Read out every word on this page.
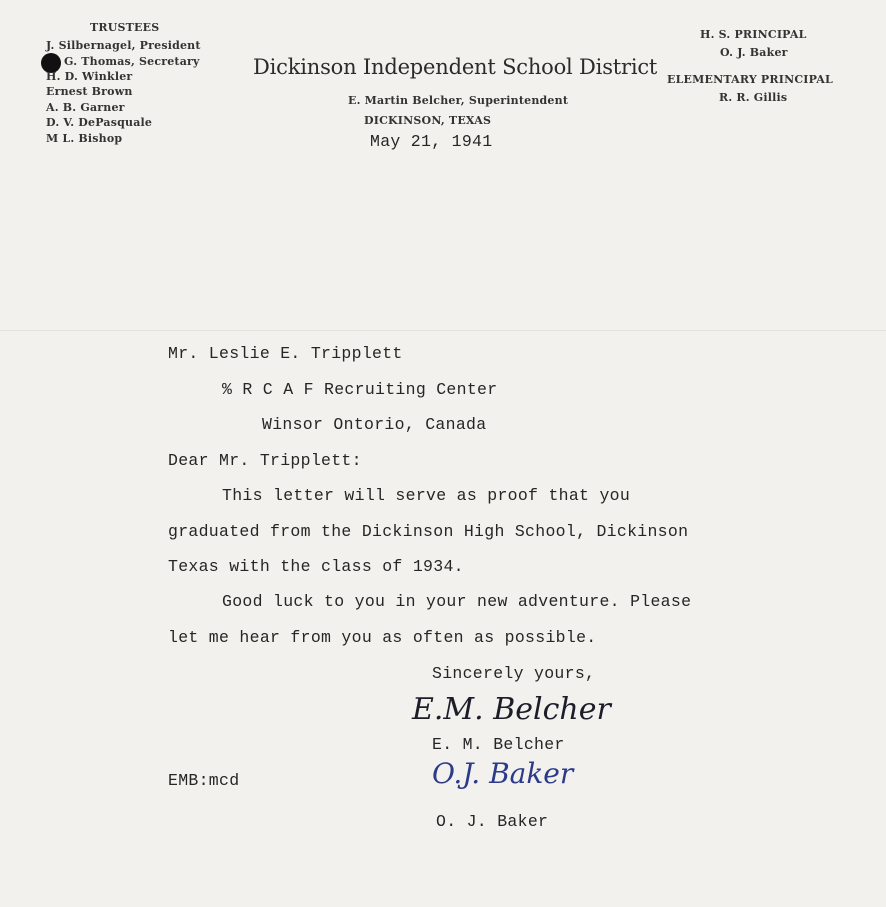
TRUSTEES
J. Silbernagel, President
G. Thomas, Secretary
H. D. Winkler
Ernest Brown
A. B. Garner
D. V. DePasquale
M L. Bishop
Dickinson Independent School District
E. Martin Belcher, Superintendent
DICKINSON, TEXAS
H. S. PRINCIPAL
O. J. Baker
ELEMENTARY PRINCIPAL
R. R. Gillis
May 21, 1941
Mr. Leslie E. Tripplett
% R C A F Recruiting Center
Winsor Ontorio, Canada
Dear Mr. Tripplett:
This letter will serve as proof that you
graduated from the Dickinson High School, Dickinson
Texas with the class of 1934.
Good luck to you in your new adventure. Please
let me hear from you as often as possible.
Sincerely yours,
E.M. Belcher
E. M. Belcher
EMB:mcd	O.J. Baker
O. J. Baker
